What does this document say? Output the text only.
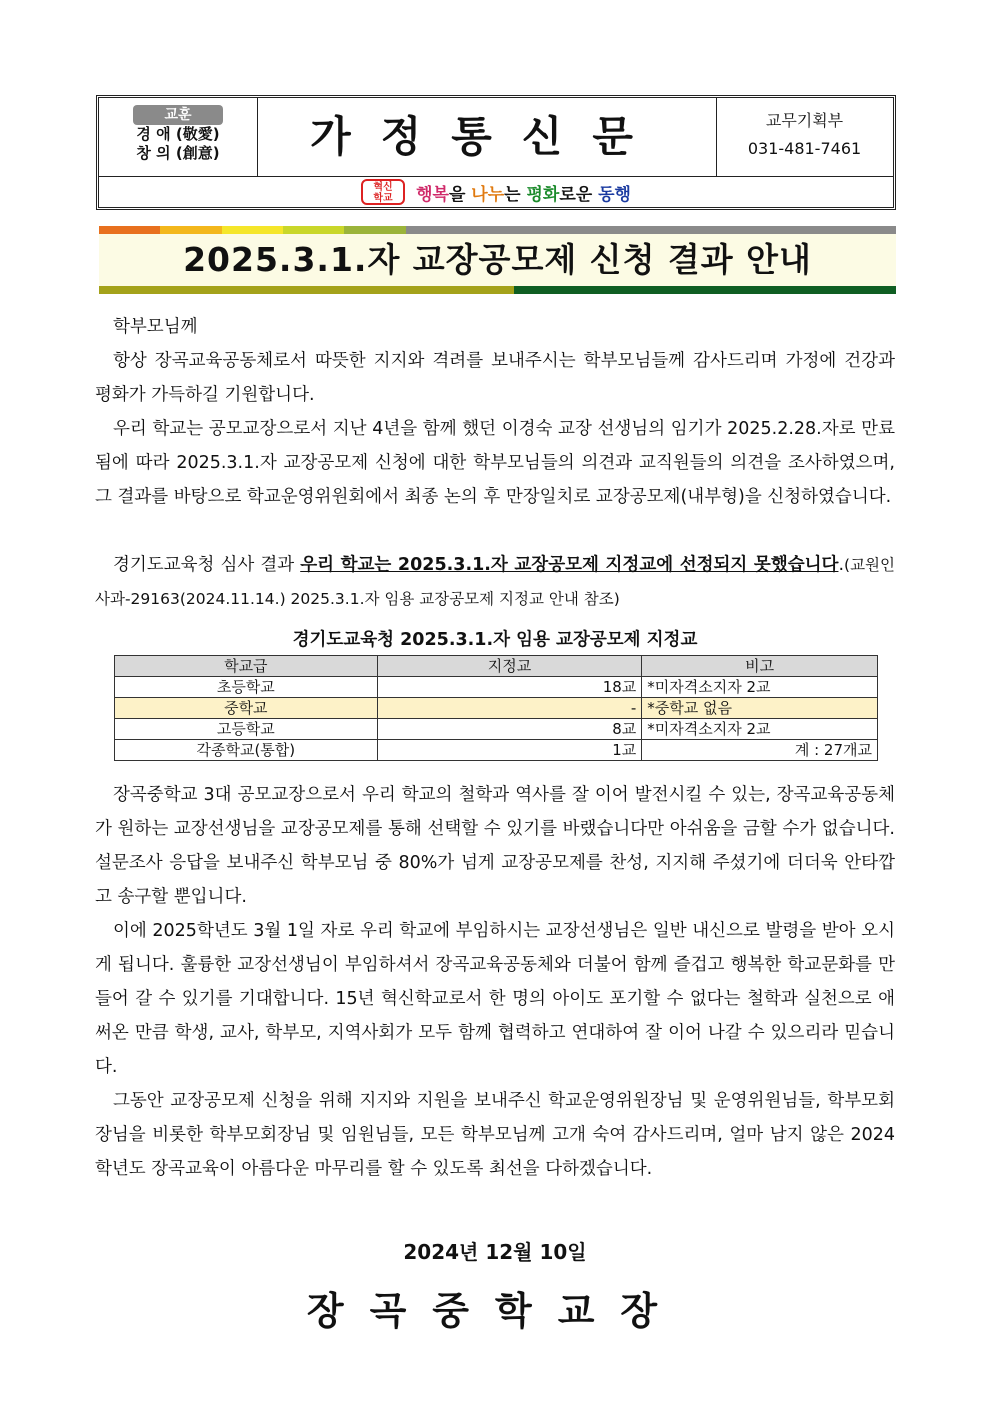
교훈
경 애 (敬愛)
창 의 (創意)	가정통신문	교무기획부
031-481-7461
혁신
학교 행복을 나누는 평화로운 동행
2025.3.1.자 교장공모제 신청 결과 안내

학부모님께

항상 장곡교육공동체로서 따뜻한 지지와 격려를 보내주시는 학부모님들께 감사드리며 가정에 건강과 평화가 가득하길 기원합니다.

우리 학교는 공모교장으로서 지난 4년을 함께 했던 이경숙 교장 선생님의 임기가 2025.2.28.자로 만료됨에 따라 2025.3.1.자 교장공모제 신청에 대한 학부모님들의 의견과 교직원들의 의견을 조사하였으며, 그 결과를 바탕으로 학교운영위원회에서 최종 논의 후 만장일치로 교장공모제(내부형)을 신청하였습니다.

경기도교육청 심사 결과 우리 학교는 2025.3.1.자 교장공모제 지정교에 선정되지 못했습니다.(교원인사과-29163(2024.11.14.) 2025.3.1.자 임용 교장공모제 지정교 안내 참조)

경기도교육청 2025.3.1.자 임용 교장공모제 지정교
학교급	지정교	비고
초등학교	18교	*미자격소지자 2교
중학교	-	*중학교 없음
고등학교	8교	*미자격소지자 2교
각종학교(통합)	1교	계 : 27개교

장곡중학교 3대 공모교장으로서 우리 학교의 철학과 역사를 잘 이어 발전시킬 수 있는, 장곡교육공동체가 원하는 교장선생님을 교장공모제를 통해 선택할 수 있기를 바랬습니다만 아쉬움을 금할 수가 없습니다. 설문조사 응답을 보내주신 학부모님 중 80%가 넘게 교장공모제를 찬성, 지지해 주셨기에 더더욱 안타깝고 송구할 뿐입니다.

이에 2025학년도 3월 1일 자로 우리 학교에 부임하시는 교장선생님은 일반 내신으로 발령을 받아 오시게 됩니다. 훌륭한 교장선생님이 부임하셔서 장곡교육공동체와 더불어 함께 즐겁고 행복한 학교문화를 만들어 갈 수 있기를 기대합니다. 15년 혁신학교로서 한 명의 아이도 포기할 수 없다는 철학과 실천으로 애써온 만큼 학생, 교사, 학부모, 지역사회가 모두 함께 협력하고 연대하여 잘 이어 나갈 수 있으리라 믿습니다.

그동안 교장공모제 신청을 위해 지지와 지원을 보내주신 학교운영위원장님 및 운영위원님들, 학부모회장님을 비롯한 학부모회장님 및 임원님들, 모든 학부모님께 고개 숙여 감사드리며, 얼마 남지 않은 2024학년도 장곡교육이 아름다운 마무리를 할 수 있도록 최선을 다하겠습니다.

2024년 12월 10일
장곡중학교장
